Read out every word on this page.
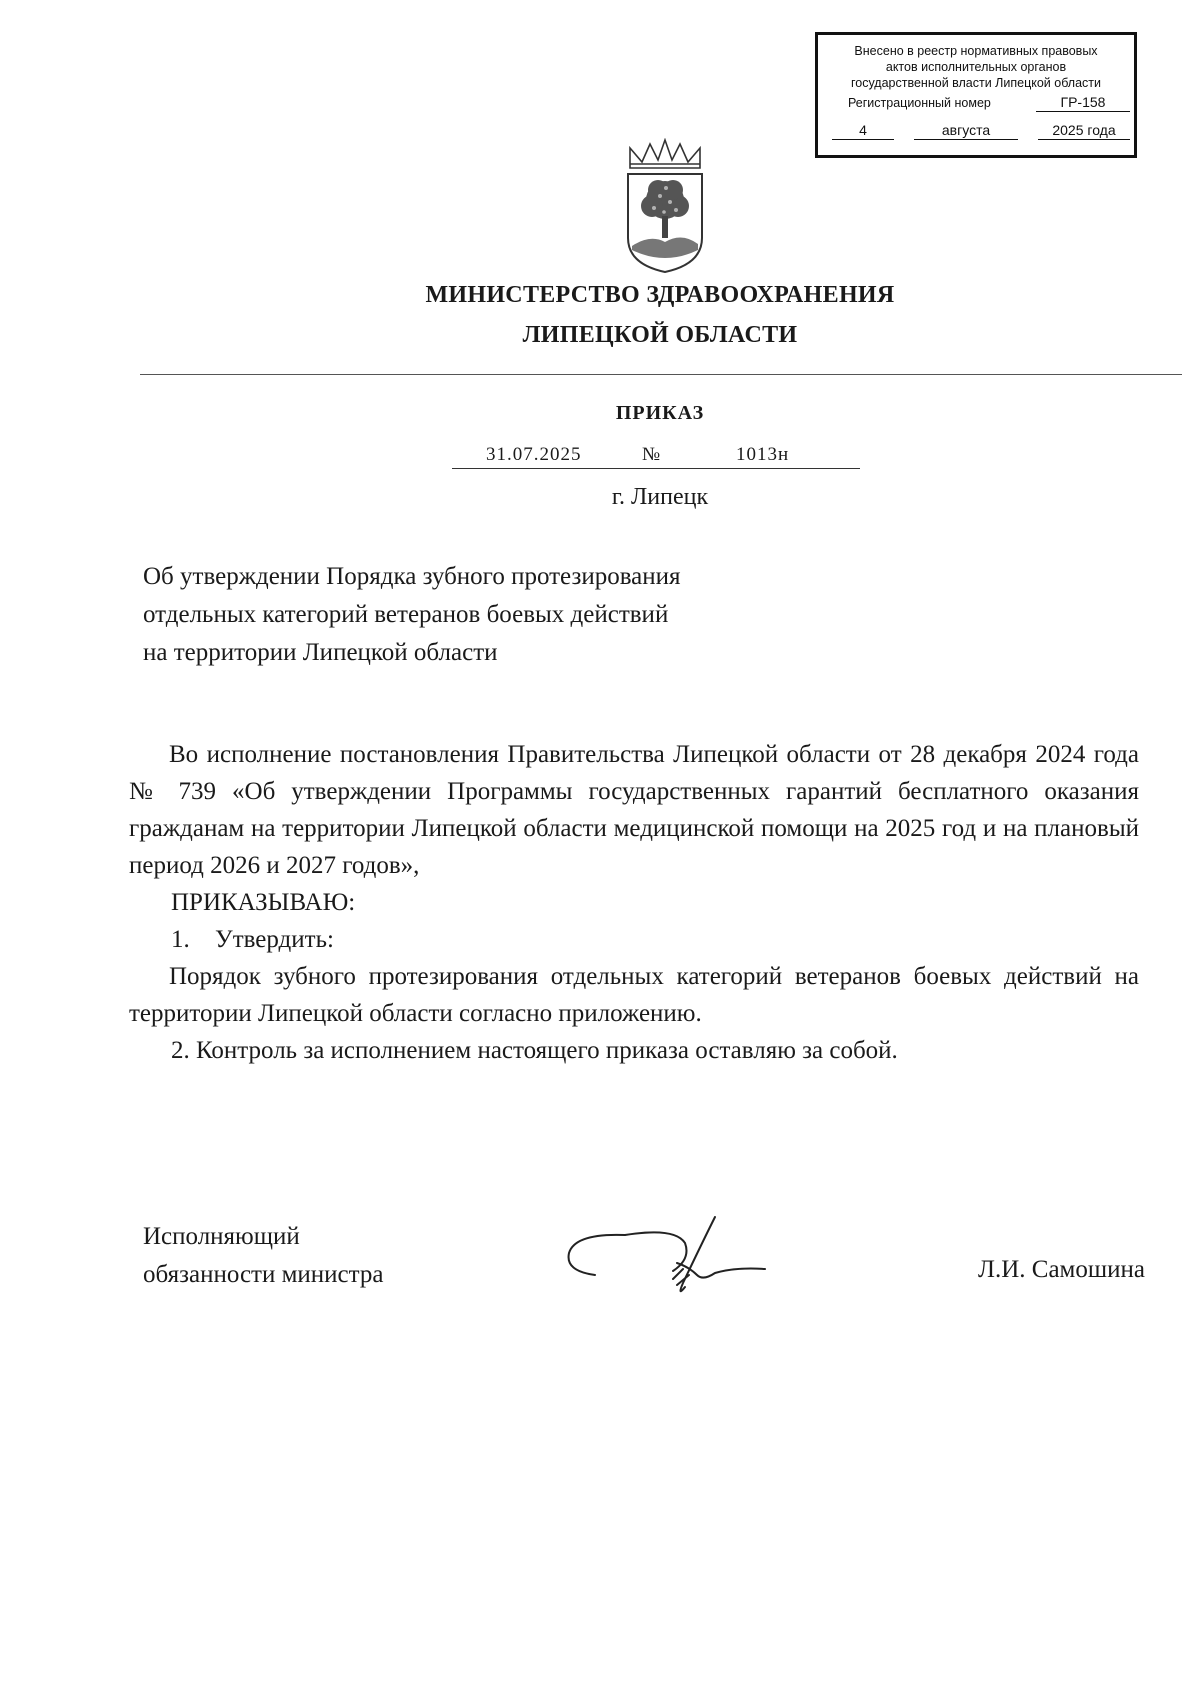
Внесено в реестр нормативных правовых
актов исполнительных органов
государственной власти Липецкой области
Регистрационный номер	ГР-158
4	августа	2025 года
МИНИСТЕРСТВО ЗДРАВООХРАНЕНИЯ
ЛИПЕЦКОЙ ОБЛАСТИ
ПРИКАЗ
31.07.2025	№	1013н
г. Липецк
Об утверждении Порядка зубного протезирования
отдельных категорий ветеранов боевых действий
на территории Липецкой области

Во исполнение постановления Правительства Липецкой области от 28 декабря 2024 года № 739 «Об утверждении Программы государственных гарантий бесплатного оказания гражданам на территории Липецкой области медицинской помощи на 2025 год и на плановый период 2026 и 2027 годов»,

ПРИКАЗЫВАЮ:

1. Утвердить:

Порядок зубного протезирования отдельных категорий ветеранов боевых действий на территории Липецкой области согласно приложению.

2. Контроль за исполнением настоящего приказа оставляю за собой.

Исполняющий
обязанности министра	Л.И. Самошина
